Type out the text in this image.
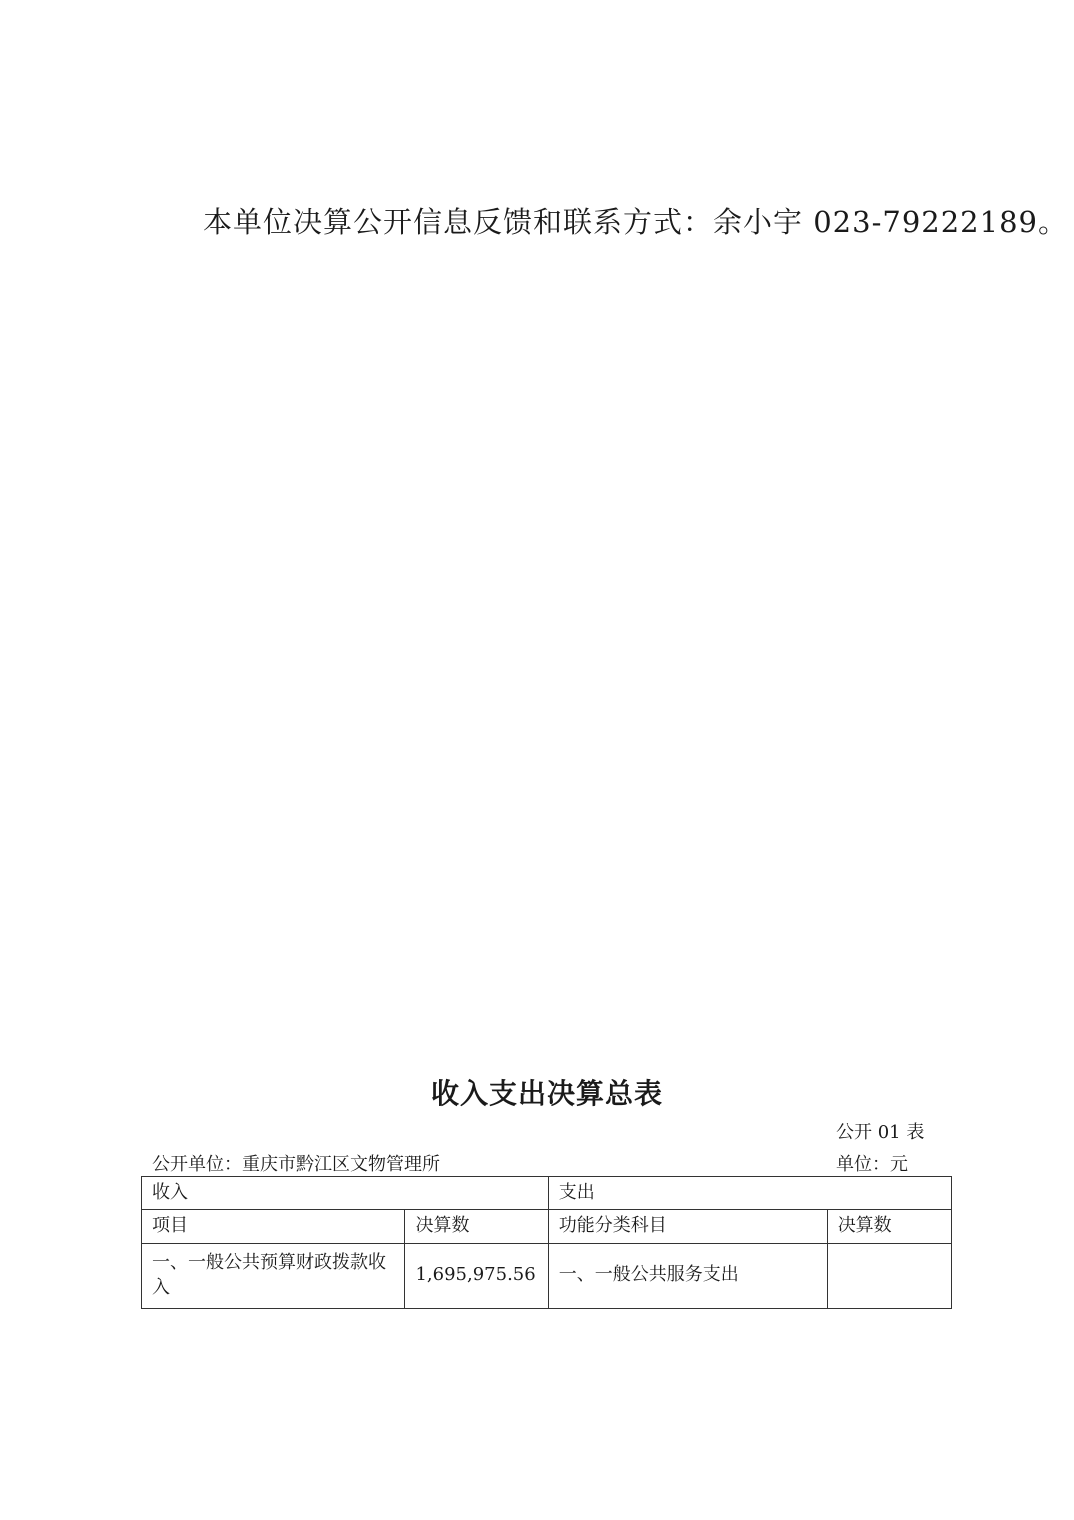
本单位决算公开信息反馈和联系方式：余小宇 023-79222189。
收入支出决算总表
公开 01 表
公开单位：重庆市黔江区文物管理所	单位：元
收入		支出	
项目	决算数	功能分类科目	决算数
一、一般公共预算财政拨款收入	1,695,975.56	一、一般公共服务支出	
